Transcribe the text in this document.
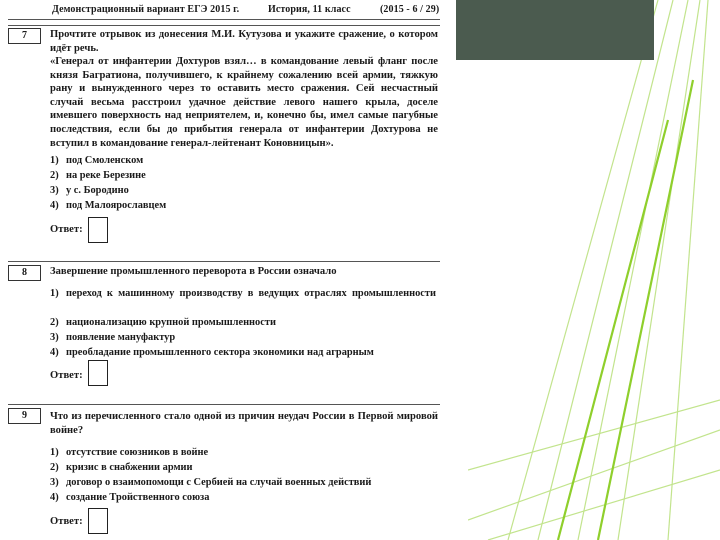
Демонстрационный вариант ЕГЭ 2015 г.	История, 11 класс	(2015 - 6 / 29)
7	Прочтите отрывок из донесения М.И. Кутузова и укажите сражение, о котором идёт речь.
«Генерал от инфантерии Дохтуров взял… в командование левый фланг после князя Багратиона, получившего, к крайнему сожалению всей армии, тяжкую рану и вынужденного через то оставить место сражения. Сей несчастный случай весьма расстроил удачное действие левого нашего крыла, доселе имевшего поверхность над неприятелем, и, конечно бы, имел самые пагубные последствия, если бы до прибытия генерала от инфантерии Дохтурова не вступил в командование генерал-лейтенант Коновницын».
1) под Смоленском
2) на реке Березине
3) у с. Бородино
4) под Малоярославцем
Ответ:
8	Завершение промышленного переворота в России означало
1) переход к машинному производству в ведущих отраслях промышленности
2) национализацию крупной промышленности
3) появление мануфактур
4) преобладание промышленного сектора экономики над аграрным
Ответ:
9	Что из перечисленного стало одной из причин неудач России в Первой мировой войне?
1) отсутствие союзников в войне
2) кризис в снабжении армии
3) договор о взаимопомощи с Сербией на случай военных действий
4) создание Тройственного союза
Ответ:
